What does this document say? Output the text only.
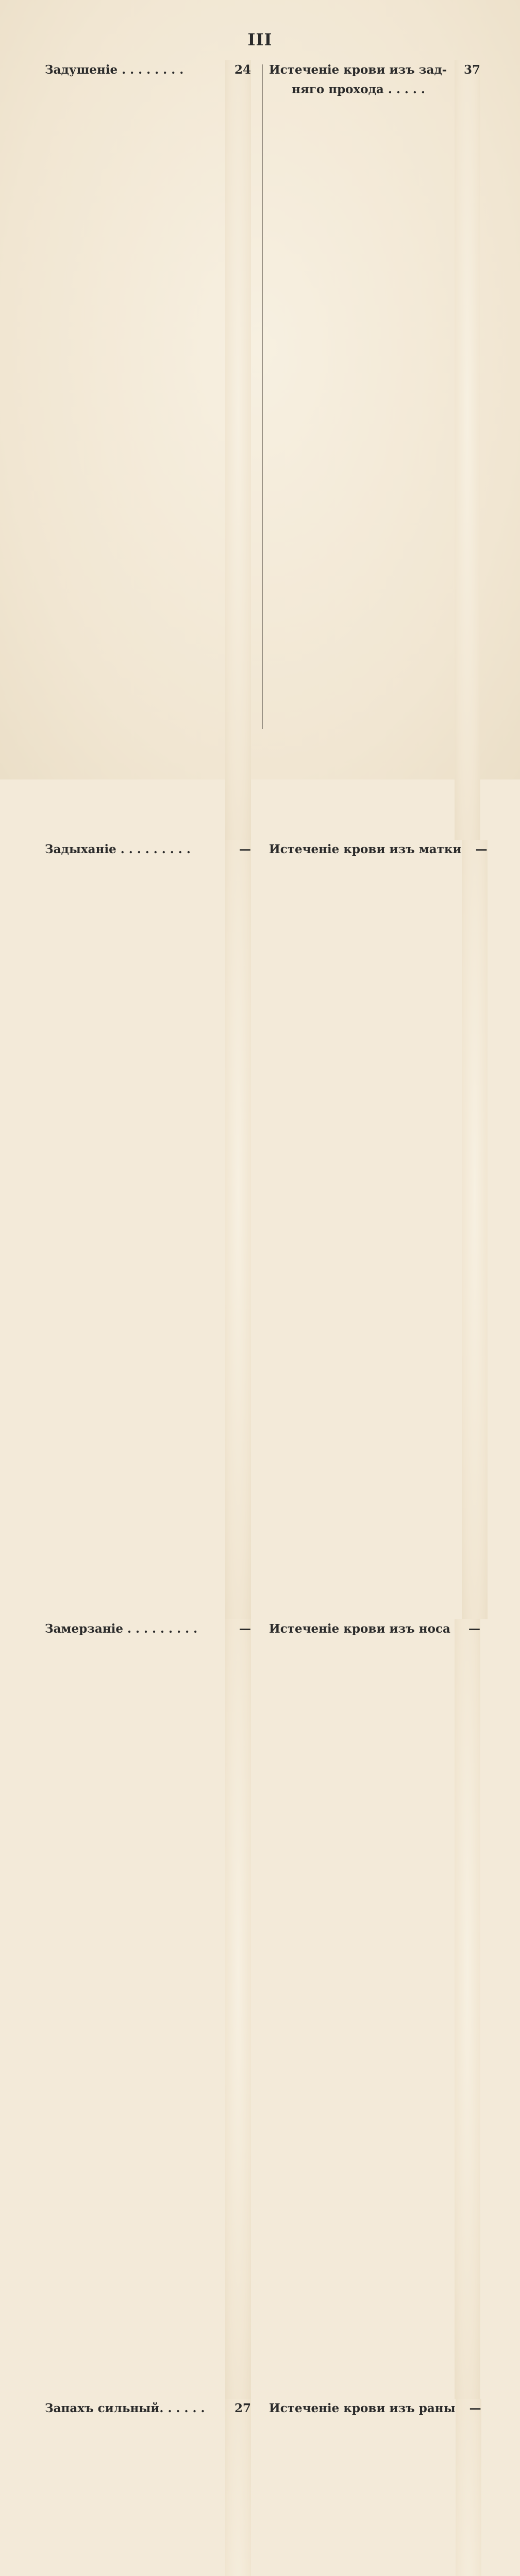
III
Задушеніе . . . . . . . .	24
Задыханіе . . . . . . . . .	—
Замерзаніе . . . . . . . . .	—
Запахъ сильный. . . . . .	27
Истеченіе крови изъ зад-
няго прохода . . . . .
37
Истеченіе крови изъ матки	—
Истеченіе крови изъ носа	—
Истеченіе крови изъ раны	—
